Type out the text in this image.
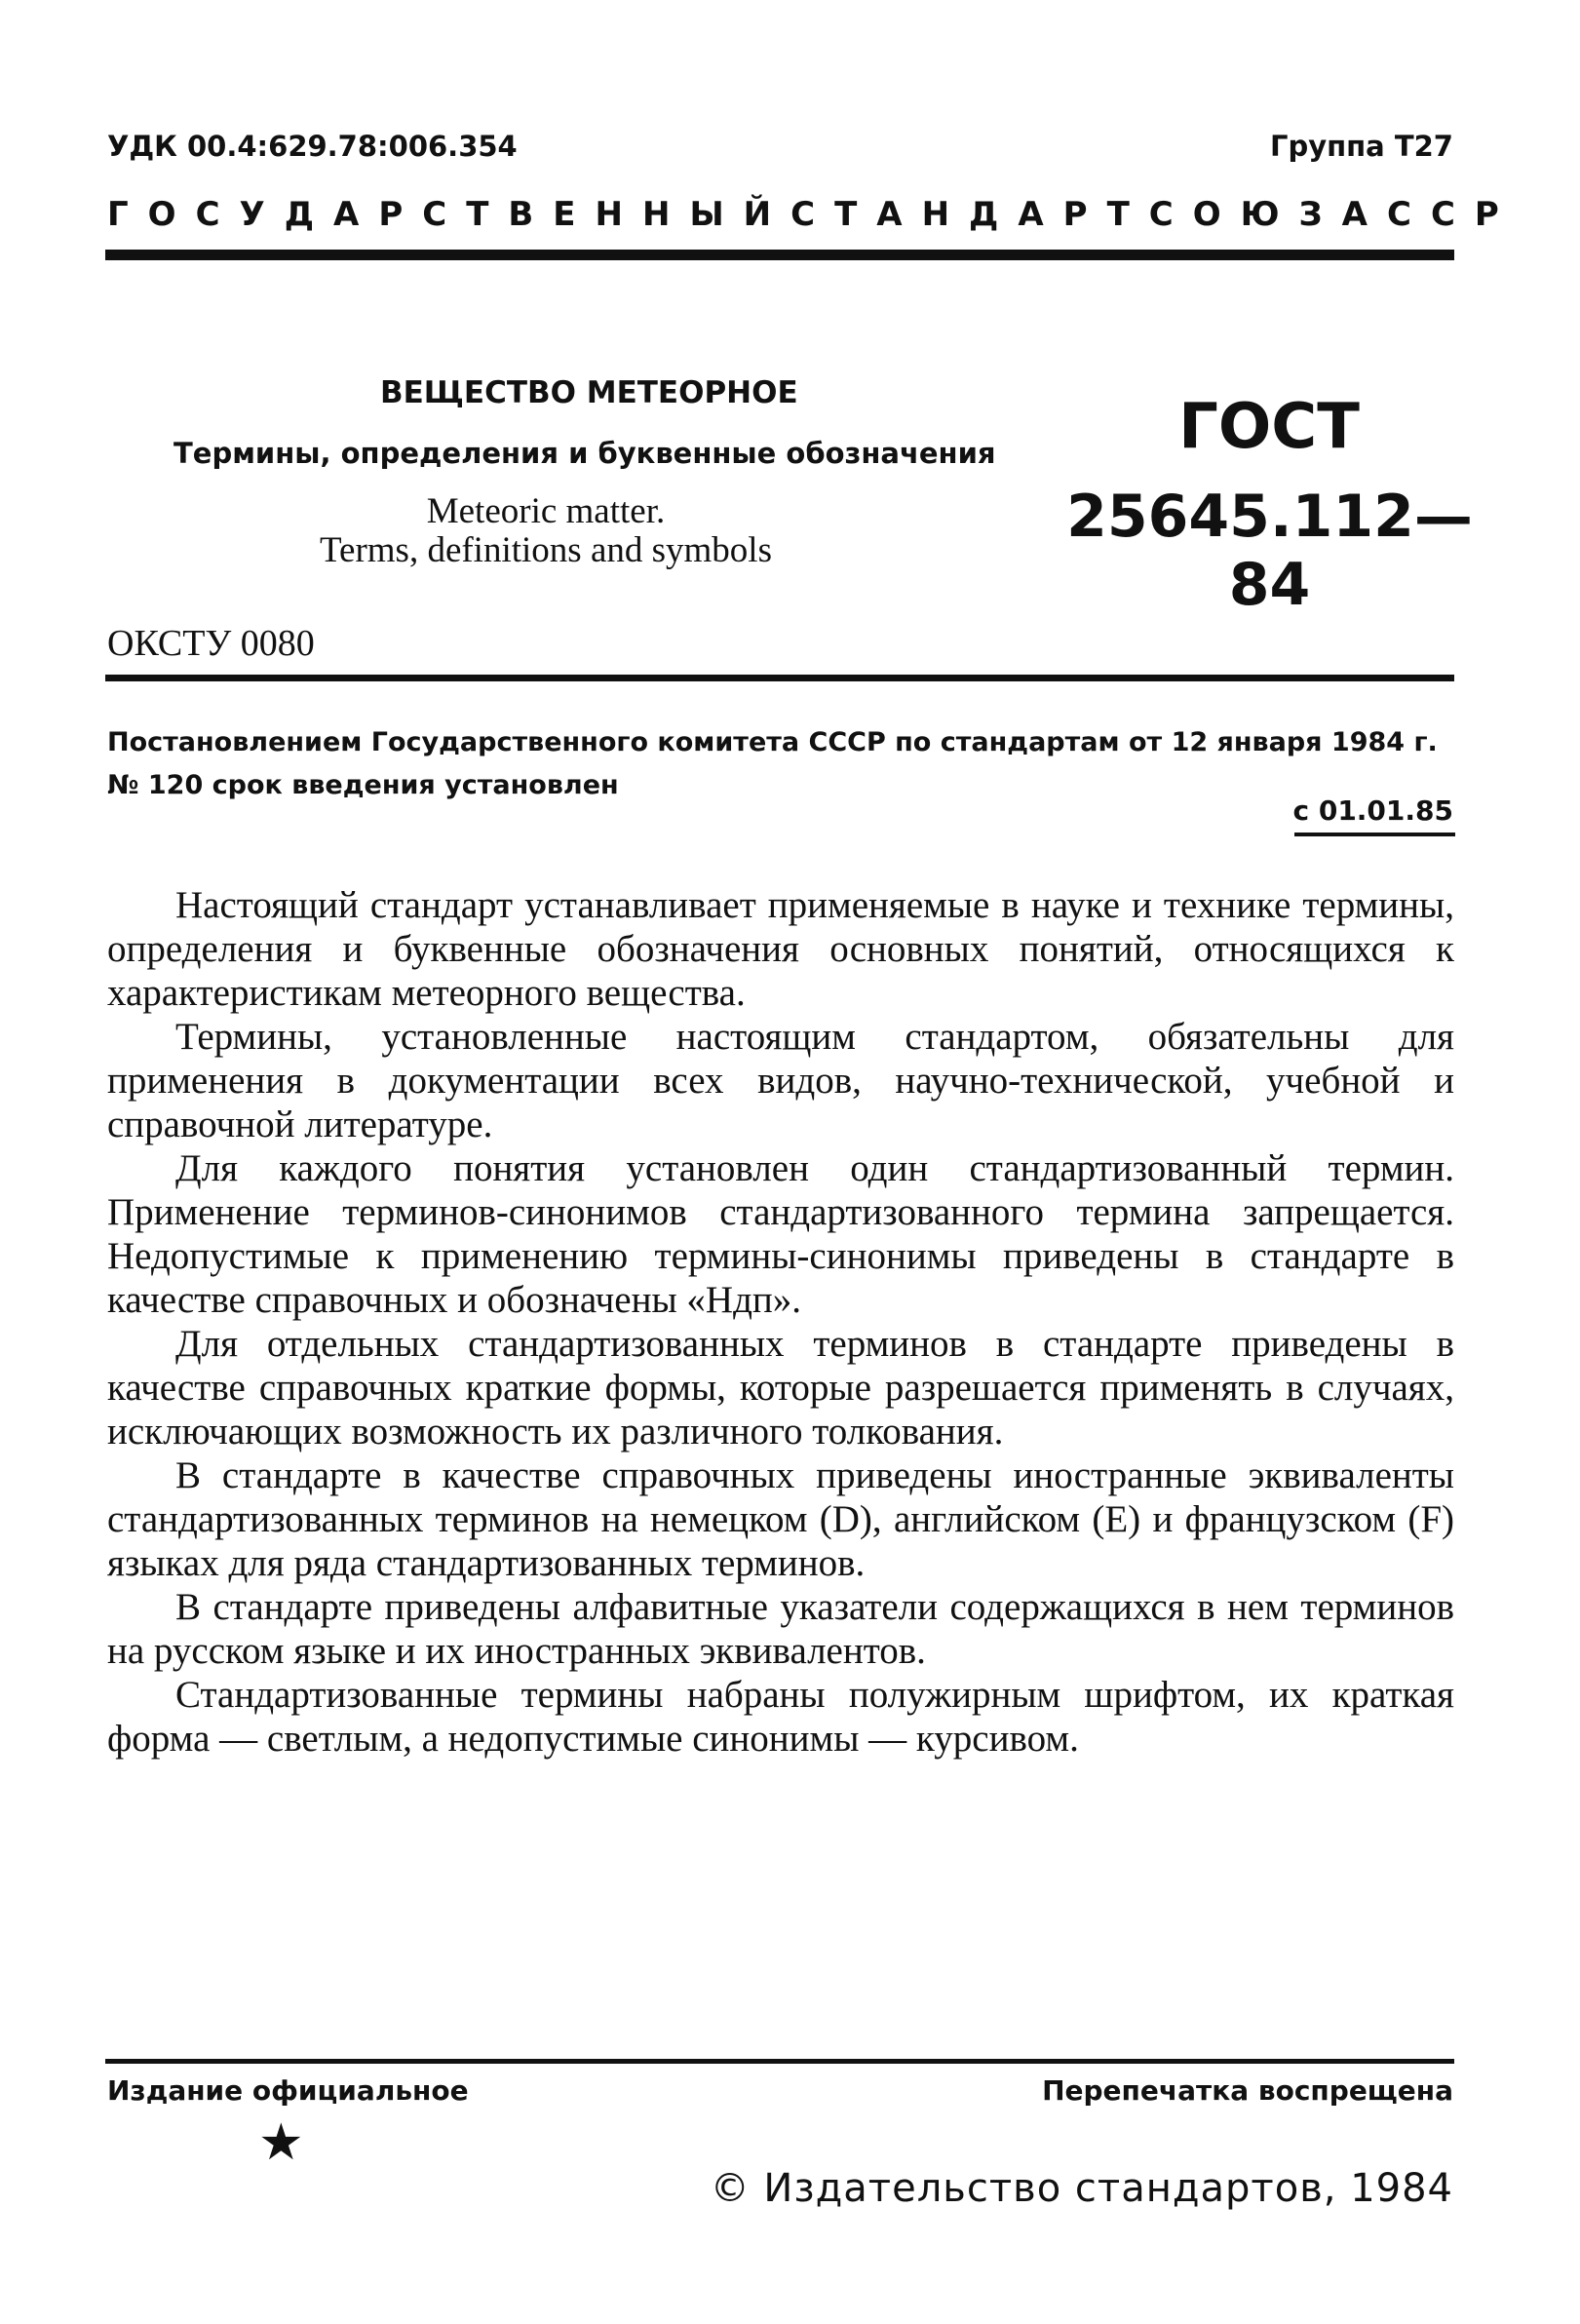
УДК 00.4:629.78:006.354	Группа Т27
ГОСУДАРСТВЕННЫЙ СТАНДАРТ СОЮЗА ССР
ВЕЩЕСТВО МЕТЕОРНОЕ
Термины, определения и буквенные обозначения
Meteoric matter.
Terms, definitions and symbols
ГОСТ
25645.112—84
ОКСТУ 0080
Постановлением Государственного комитета СССР по стандартам от 12 января 1984 г. № 120 срок введения установлен
с 01.01.85

Настоящий стандарт устанавливает применяемые в науке и технике термины, определения и буквенные обозначения основных понятий, относящихся к характеристикам метеорного вещества.

Термины, установленные настоящим стандартом, обязательны для применения в документации всех видов, научно-технической, учебной и справочной литературе.

Для каждого понятия установлен один стандартизованный термин. Применение терминов-синонимов стандартизованного термина запрещается. Недопустимые к применению термины-синонимы приведены в стандарте в качестве справочных и обозначены «Ндп».

Для отдельных стандартизованных терминов в стандарте приведены в качестве справочных краткие формы, которые разрешается применять в случаях, исключающих возможность их различного толкования.

В стандарте в качестве справочных приведены иностранные эквиваленты стандартизованных терминов на немецком (D), английском (E) и французском (F) языках для ряда стандартизованных терминов.

В стандарте приведены алфавитные указатели содержащихся в нем терминов на русском языке и их иностранных эквивалентов.

Стандартизованные термины набраны полужирным шрифтом, их краткая форма — светлым, а недопустимые синонимы — курсивом.

Издание официальное	Перепечатка воспрещена
★
© Издательство стандартов, 1984
